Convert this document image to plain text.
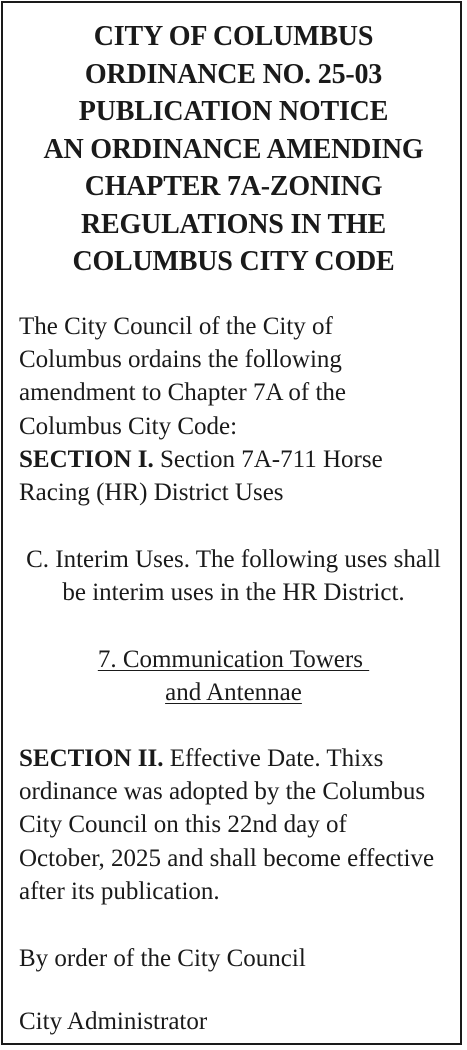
CITY OF COLUMBUS
ORDINANCE NO. 25-03
PUBLICATION NOTICE
AN ORDINANCE AMENDING
CHAPTER 7A-ZONING
REGULATIONS IN THE
COLUMBUS CITY CODE
The City Council of the City of
Columbus ordains the following
amendment to Chapter 7A of the
Columbus City Code:
SECTION I. Section 7A-711 Horse
Racing (HR) District Uses
C. Interim Uses. The following uses shall
be interim uses in the HR District.
7. Communication Towers
and Antennae
SECTION II. Effective Date. Thixs
ordinance was adopted by the Columbus
City Council on this 22nd day of
October, 2025 and shall become effective
after its publication.
By order of the City Council
City Administrator
